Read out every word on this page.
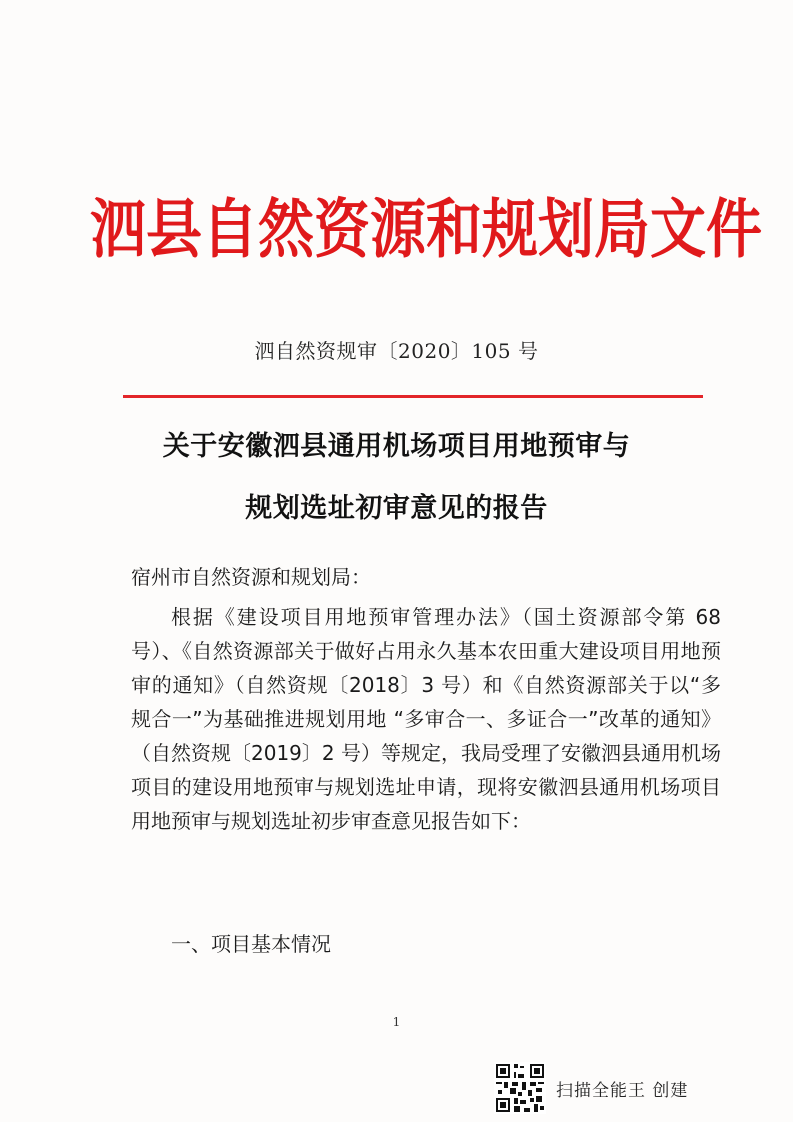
泗县自然资源和规划局文件
泗自然资规审〔2020〕105 号
关于安徽泗县通用机场项目用地预审与
规划选址初审意见的报告

宿州市自然资源和规划局：

根据《建设项目用地预审管理办法》（国土资源部令第 68 号）、《自然资源部关于做好占用永久基本农田重大建设项目用地预审的通知》（自然资规〔2018〕3 号）和《自然资源部关于以“多规合一”为基础推进规划用地 “多审合一、多证合一”改革的通知》（自然资规〔2019〕2 号）等规定，我局受理了安徽泗县通用机场项目的建设用地预审与规划选址申请，现将安徽泗县通用机场项目用地预审与规划选址初步审查意见报告如下：

一、项目基本情况
1
扫描全能王 创建
